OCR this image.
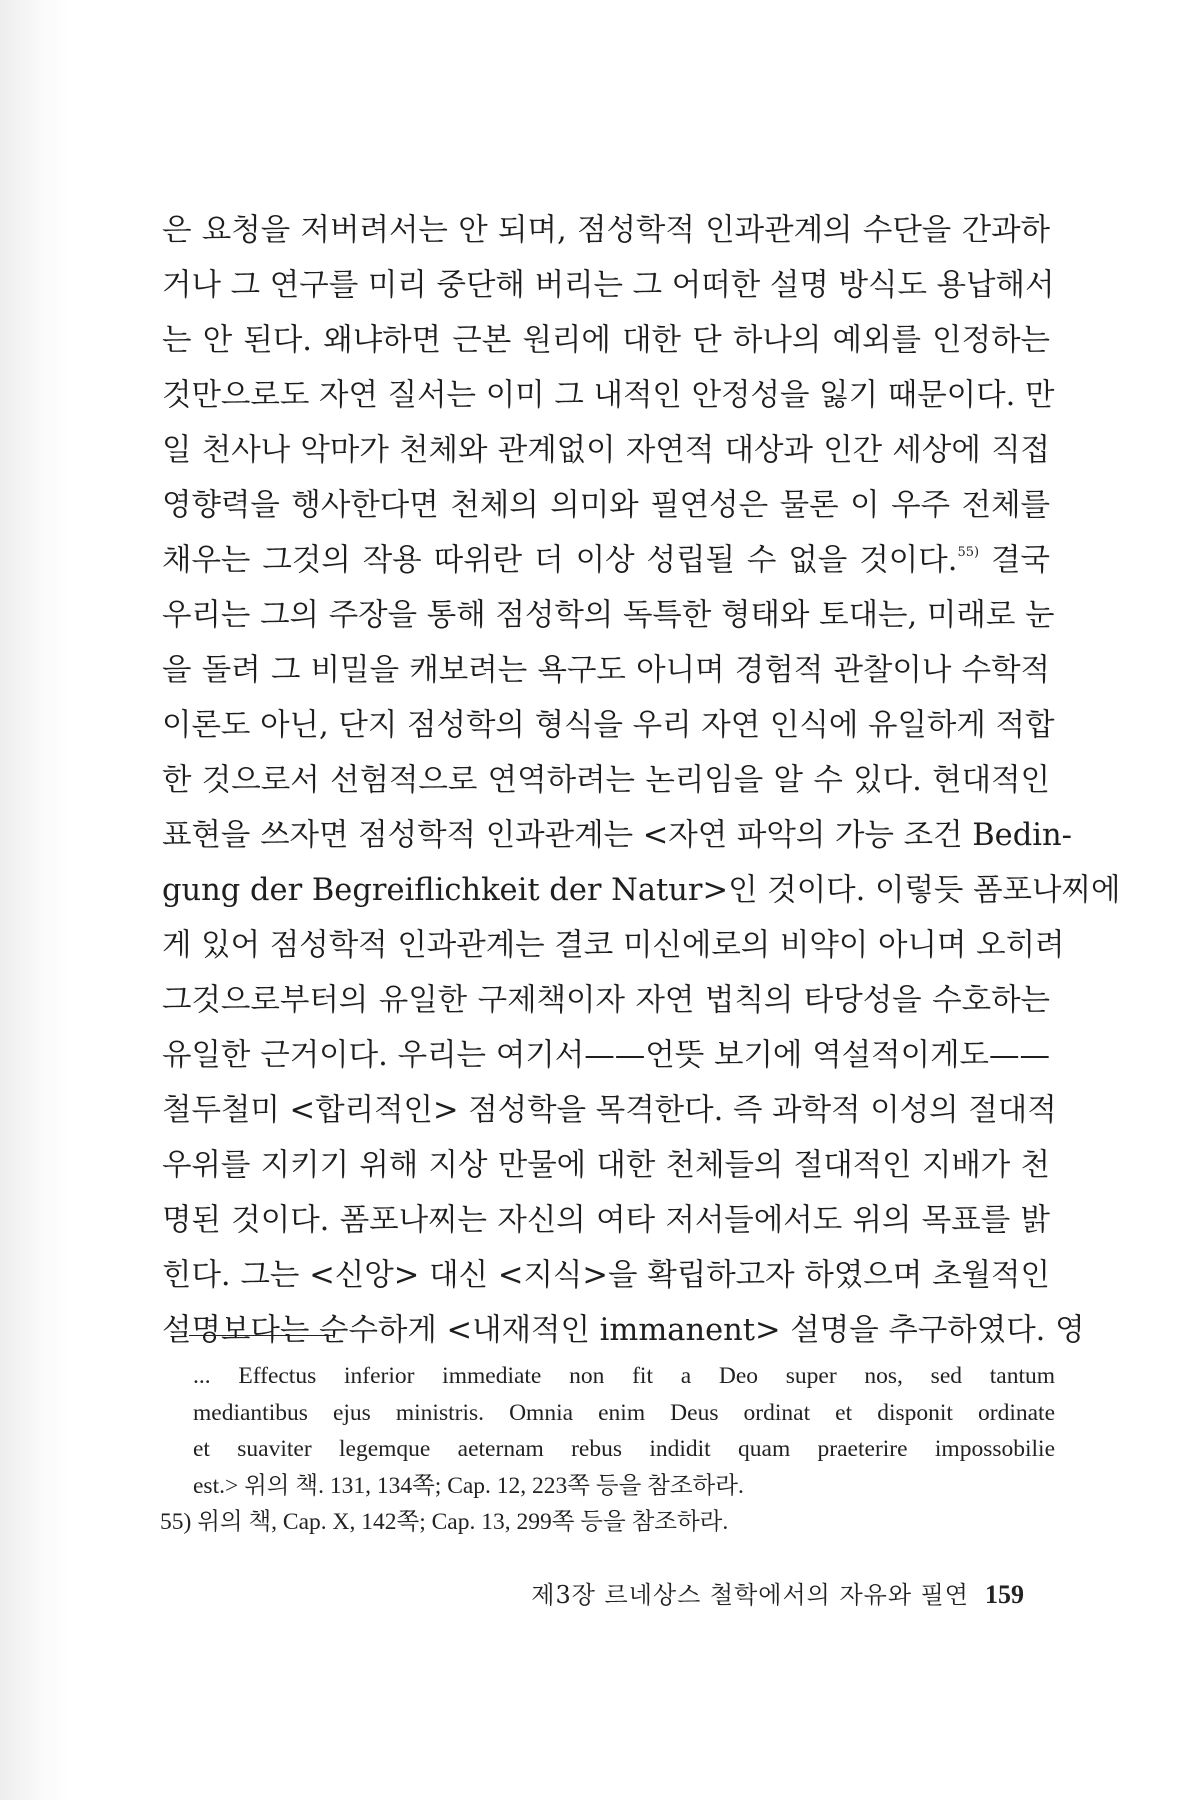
은 요청을 저버려서는 안 되며, 점성학적 인과관계의 수단을 간과하
거나 그 연구를 미리 중단해 버리는 그 어떠한 설명 방식도 용납해서
는 안 된다. 왜냐하면 근본 원리에 대한 단 하나의 예외를 인정하는
것만으로도 자연 질서는 이미 그 내적인 안정성을 잃기 때문이다. 만
일 천사나 악마가 천체와 관계없이 자연적 대상과 인간 세상에 직접
영향력을 행사한다면 천체의 의미와 필연성은 물론 이 우주 전체를
채우는 그것의 작용 따위란 더 이상 성립될 수 없을 것이다.$^{55)}$ 결국
우리는 그의 주장을 통해 점성학의 독특한 형태와 토대는, 미래로 눈
을 돌려 그 비밀을 캐보려는 욕구도 아니며 경험적 관찰이나 수학적
이론도 아닌, 단지 점성학의 형식을 우리 자연 인식에 유일하게 적합
한 것으로서 선험적으로 연역하려는 논리임을 알 수 있다. 현대적인
표현을 쓰자면 점성학적 인과관계는 <자연 파악의 가능 조건 Bedin-
gung der Begreiflichkeit der Natur>인 것이다. 이렇듯 폼포나찌에
게 있어 점성학적 인과관계는 결코 미신에로의 비약이 아니며 오히려
그것으로부터의 유일한 구제책이자 자연 법칙의 타당성을 수호하는
유일한 근거이다. 우리는 여기서——언뜻 보기에 역설적이게도——
철두철미 <합리적인> 점성학을 목격한다. 즉 과학적 이성의 절대적
우위를 지키기 위해 지상 만물에 대한 천체들의 절대적인 지배가 천
명된 것이다. 폼포나찌는 자신의 여타 저서들에서도 위의 목표를 밝
힌다. 그는 <신앙> 대신 <지식>을 확립하고자 하였으며 초월적인
설명보다는 순수하게 <내재적인 immanent> 설명을 추구하였다. 영
... Effectus inferior immediate non fit a Deo super nos, sed tantum
mediantibus ejus ministris. Omnia enim Deus ordinat et disponit ordinate
et suaviter legemque aeternam rebus indidit quam praeterire impossobilie
est.> 위의 책. 131, 134쪽; Cap. 12, 223쪽 등을 참조하라.
55) 위의 책, Cap. X, 142쪽; Cap. 13, 299쪽 등을 참조하라.
제3장 르네상스 철학에서의 자유와 필연 159
